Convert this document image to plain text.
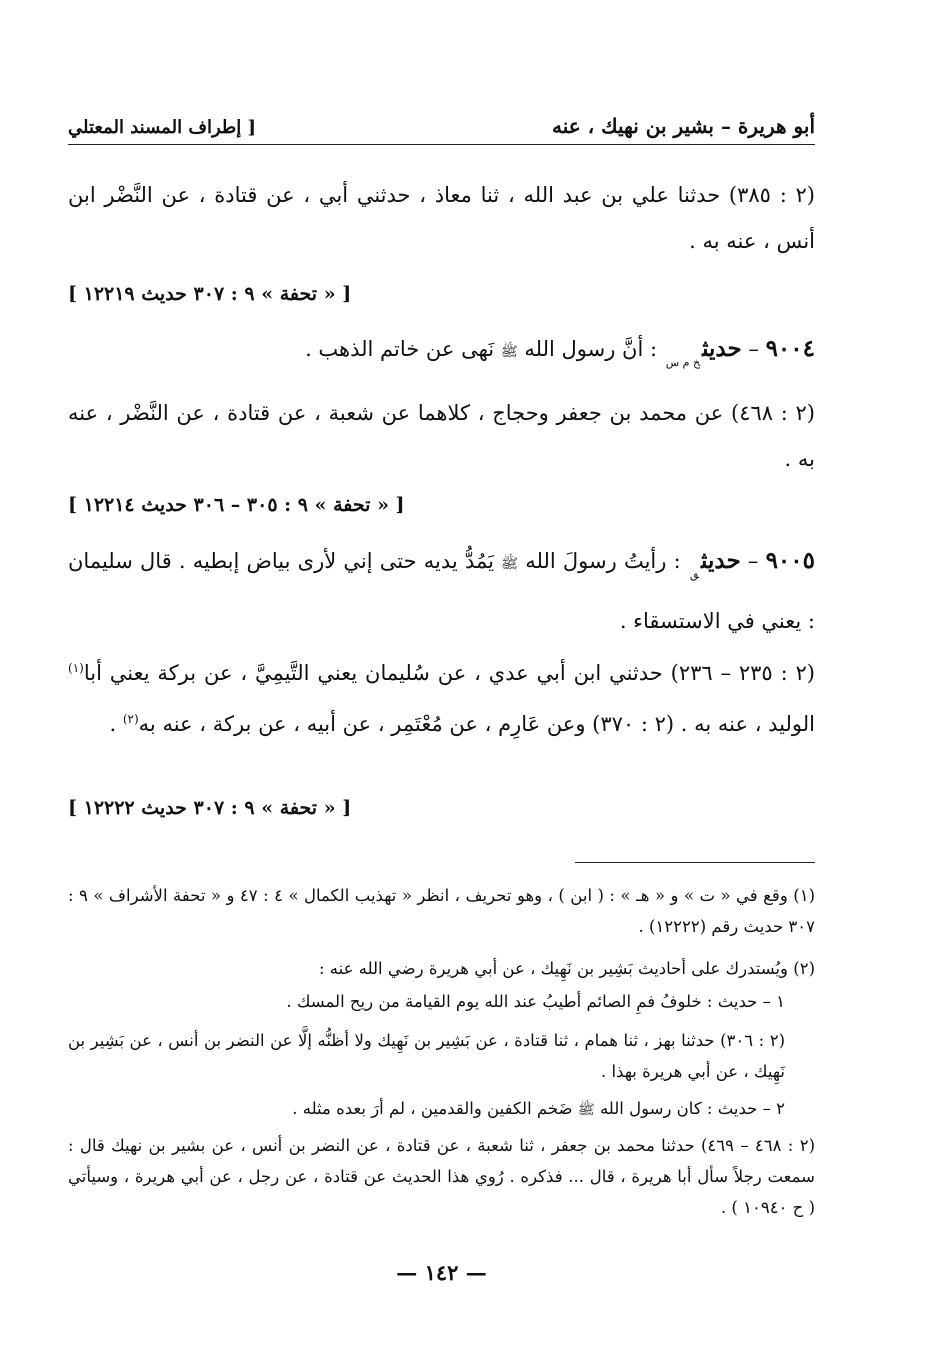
أبو هريرة – بشير بن نهيك ، عنه
[ إطراف المسند المعتلي
(٢ : ٣٨٥) حدثنا علي بن عبد الله ، ثنا معاذ ، حدثني أبي ، عن قتادة ، عن النَّضْر ابن أنس ، عنه به .
[ « تحفة » ٩ : ٣٠٧ حديث ١٢٢١٩ ]
٩٠٠٤ – حديث$_{خ م س}$ : أنَّ رسول الله ﷺ نَهى عن خاتم الذهب .
(٢ : ٤٦٨) عن محمد بن جعفر وحجاج ، كلاهما عن شعبة ، عن قتادة ، عن النَّضْر ، عنه به .
[ « تحفة » ٩ : ٣٠٥ – ٣٠٦ حديث ١٢٢١٤ ]
٩٠٠٥ – حديث$_ق$ : رأيتُ رسولَ الله ﷺ يَمُدُّ يديه حتى إني لأرى بياض إبطيه . قال سليمان : يعني في الاستسقاء .
(٢ : ٢٣٥ – ٢٣٦) حدثني ابن أبي عدي ، عن سُليمان يعني التَّيمِيَّ ، عن بركة يعني أبا$^{(١)}$ الوليد ، عنه به . (٢ : ٣٧٠) وعن عَارِم ، عن مُعْتَمِر ، عن أبيه ، عن بركة ، عنه به$^{(٢)}$ .
[ « تحفة » ٩ : ٣٠٧ حديث ١٢٢٢٢ ]
(١) وقع في « ت » و « هـ » : ( ابن ) ، وهو تحريف ، انظر « تهذيب الكمال » ٤ : ٤٧ و « تحفة الأشراف » ٩ : ٣٠٧ حديث رقم (١٢٢٢٢) .
(٢) ويُستدرك على أحاديث بَشِير بن نَهِيك ، عن أبي هريرة رضي الله عنه :
١ – حديث : خلوفُ فمِ الصائم أطيبُ عند الله يوم القيامة من ريح المسك .
(٢ : ٣٠٦) حدثنا بهز ، ثنا همام ، ثنا قتادة ، عن بَشِير بن نَهِيك ولا أظنُّه إلَّا عن النضر بن أنس ، عن بَشِير بن نَهِيك ، عن أبي هريرة بهذا .
٢ – حديث : كان رسول الله ﷺ ضَخم الكفين والقدمين ، لم أرَ بعده مثله .
(٢ : ٤٦٨ – ٤٦٩) حدثنا محمد بن جعفر ، ثنا شعبة ، عن قتادة ، عن النضر بن أنس ، عن بشير بن نهيك قال : سمعت رجلاً سأل أبا هريرة ، قال ... فذكره . رُوي هذا الحديث عن قتادة ، عن رجل ، عن أبي هريرة ، وسيأتي ( ح ١٠٩٤٠ ) .
— ١٤٢ —
